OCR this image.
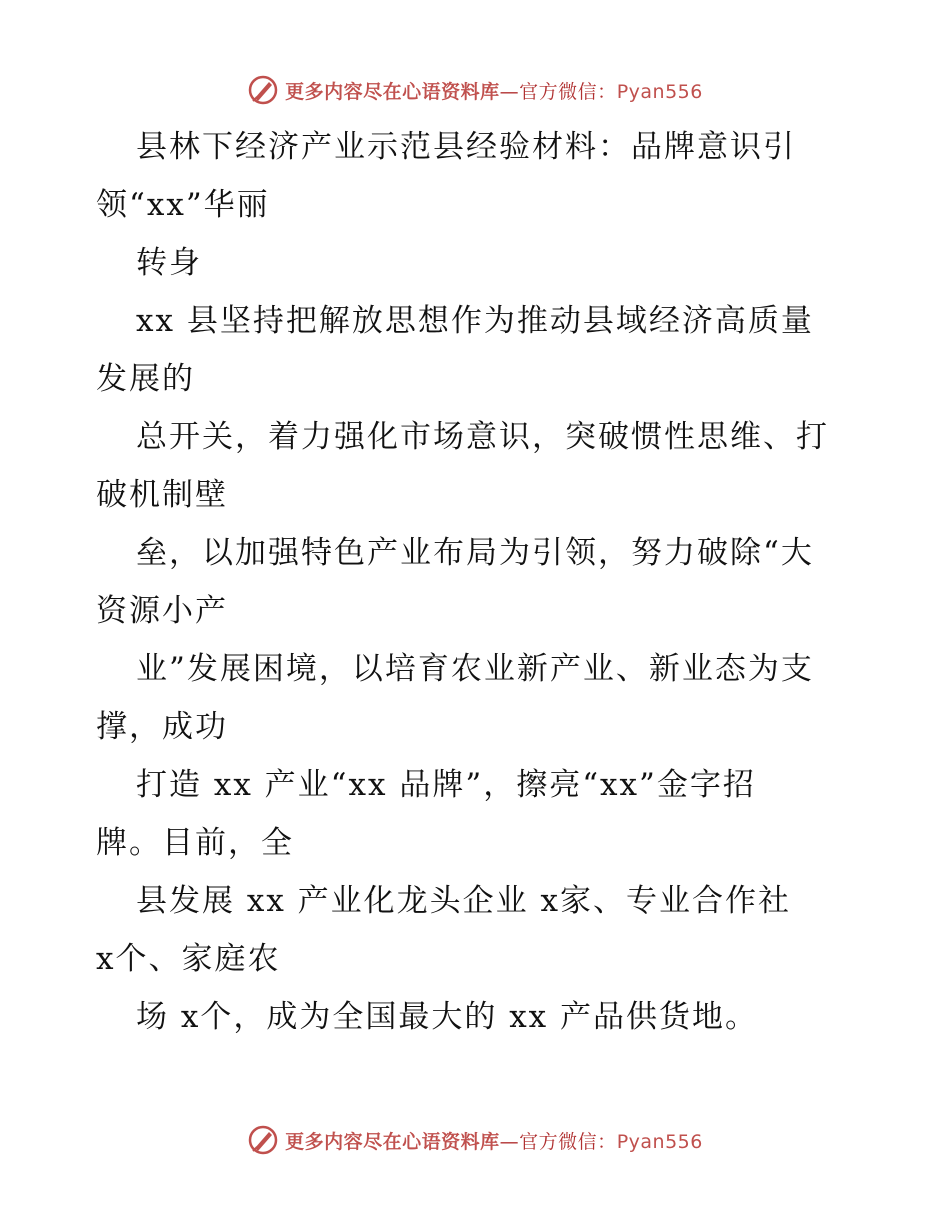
更多内容尽在心语资料库—官方微信：Pyan556
县林下经济产业示范县经验材料：品牌意识引
领“xx”华丽
转身
xx 县坚持把解放思想作为推动县域经济高质量
发展的
总开关，着力强化市场意识，突破惯性思维、打
破机制壁
垒，以加强特色产业布局为引领，努力破除“大
资源小产
业”发展困境，以培育农业新产业、新业态为支
撑，成功
打造 xx 产业“xx 品牌”，擦亮“xx”金字招
牌。目前，全
县发展 xx 产业化龙头企业 x家、专业合作社
x个、家庭农
场 x个，成为全国最大的 xx 产品供货地。
更多内容尽在心语资料库—官方微信：Pyan556
